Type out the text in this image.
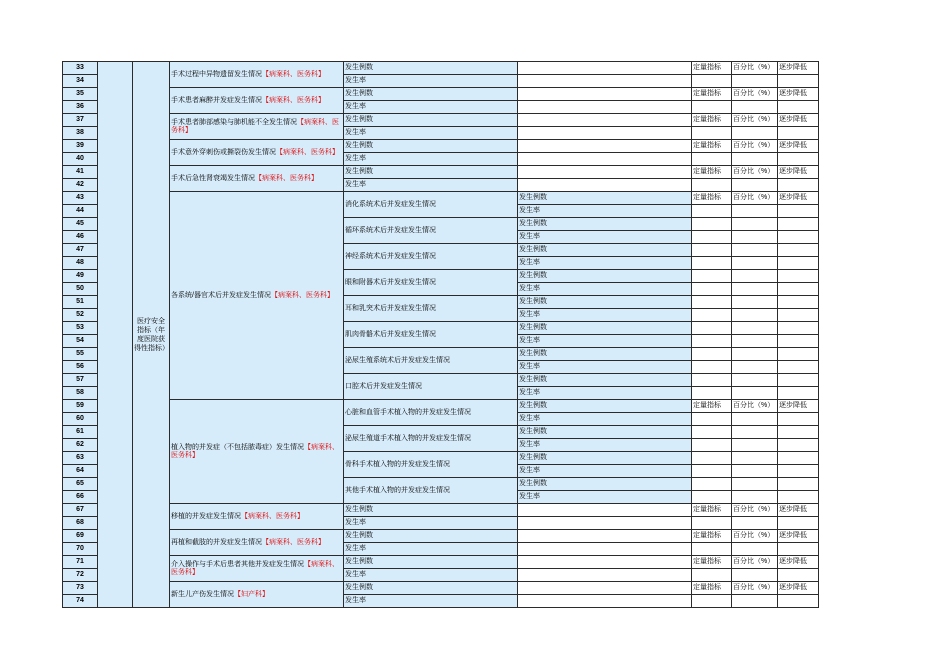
33		医疗安全指标（年度医院获得性指标）	手术过程中异物遗留发生情况【病案科、医务科】	发生例数		定量指标	百分比（%）	逐步降低
34				发生率				
35			手术患者麻醉并发症发生情况【病案科、医务科】	发生例数		定量指标	百分比（%）	逐步降低
36				发生率				
37			手术患者肺部感染与肺机能不全发生情况【病案科、医务科】	发生例数		定量指标	百分比（%）	逐步降低
38				发生率				
39			手术意外穿刺伤或撕裂伤发生情况【病案科、医务科】	发生例数		定量指标	百分比（%）	逐步降低
40				发生率				
41			手术后急性肾衰竭发生情况【病案科、医务科】	发生例数		定量指标	百分比（%）	逐步降低
42				发生率				
43			各系统/器官术后并发症发生情况【病案科、医务科】	消化系统术后并发症发生情况	发生例数	定量指标	百分比（%）	逐步降低
44					发生率			
45				循环系统术后并发症发生情况	发生例数			
46					发生率			
47				神经系统术后并发症发生情况	发生例数			
48					发生率			
49				眼和附器术后并发症发生情况	发生例数			
50					发生率			
51				耳和乳突术后并发症发生情况	发生例数			
52					发生率			
53				肌肉骨骼术后并发症发生情况	发生例数			
54					发生率			
55				泌尿生殖系统术后并发症发生情况	发生例数			
56					发生率			
57				口腔术后并发症发生情况	发生例数			
58					发生率			
59			植入物的并发症（不包括脓毒症）发生情况【病案科、医务科】	心脏和血管手术植入物的并发症发生情况	发生例数	定量指标	百分比（%）	逐步降低
60					发生率			
61				泌尿生殖道手术植入物的并发症发生情况	发生例数			
62					发生率			
63				骨科手术植入物的并发症发生情况	发生例数			
64					发生率			
65				其他手术植入物的并发症发生情况	发生例数			
66					发生率			
67			移植的并发症发生情况【病案科、医务科】	发生例数		定量指标	百分比（%）	逐步降低
68				发生率				
69			再植和截肢的并发症发生情况【病案科、医务科】	发生例数		定量指标	百分比（%）	逐步降低
70				发生率				
71			介入操作与手术后患者其他并发症发生情况【病案科、医务科】	发生例数		定量指标	百分比（%）	逐步降低
72				发生率				
73			新生儿产伤发生情况【妇产科】	发生例数		定量指标	百分比（%）	逐步降低
74				发生率				
